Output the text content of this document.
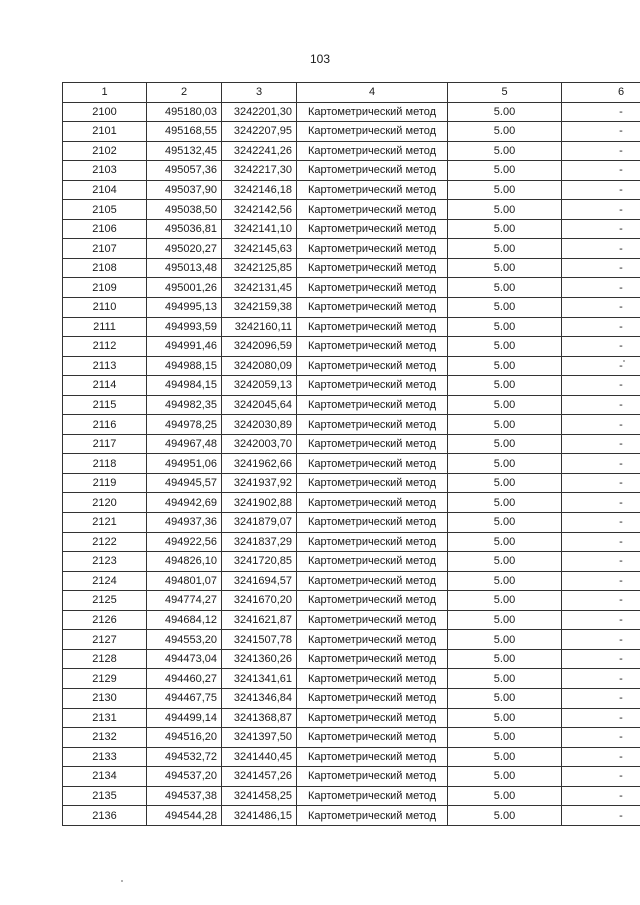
103
1	2	3	4	5	6
2100	495180,03	3242201,30	Картометрический метод	5.00	-
2101	495168,55	3242207,95	Картометрический метод	5.00	-
2102	495132,45	3242241,26	Картометрический метод	5.00	-
2103	495057,36	3242217,30	Картометрический метод	5.00	-
2104	495037,90	3242146,18	Картометрический метод	5.00	-
2105	495038,50	3242142,56	Картометрический метод	5.00	-
2106	495036,81	3242141,10	Картометрический метод	5.00	-
2107	495020,27	3242145,63	Картометрический метод	5.00	-
2108	495013,48	3242125,85	Картометрический метод	5.00	-
2109	495001,26	3242131,45	Картометрический метод	5.00	-
2110	494995,13	3242159,38	Картометрический метод	5.00	-
2111	494993,59	3242160,11	Картометрический метод	5.00	-
2112	494991,46	3242096,59	Картометрический метод	5.00	-
2113	494988,15	3242080,09	Картометрический метод	5.00	-
2114	494984,15	3242059,13	Картометрический метод	5.00	-
2115	494982,35	3242045,64	Картометрический метод	5.00	-
2116	494978,25	3242030,89	Картометрический метод	5.00	-
2117	494967,48	3242003,70	Картометрический метод	5.00	-
2118	494951,06	3241962,66	Картометрический метод	5.00	-
2119	494945,57	3241937,92	Картометрический метод	5.00	-
2120	494942,69	3241902,88	Картометрический метод	5.00	-
2121	494937,36	3241879,07	Картометрический метод	5.00	-
2122	494922,56	3241837,29	Картометрический метод	5.00	-
2123	494826,10	3241720,85	Картометрический метод	5.00	-
2124	494801,07	3241694,57	Картометрический метод	5.00	-
2125	494774,27	3241670,20	Картометрический метод	5.00	-
2126	494684,12	3241621,87	Картометрический метод	5.00	-
2127	494553,20	3241507,78	Картометрический метод	5.00	-
2128	494473,04	3241360,26	Картометрический метод	5.00	-
2129	494460,27	3241341,61	Картометрический метод	5.00	-
2130	494467,75	3241346,84	Картометрический метод	5.00	-
2131	494499,14	3241368,87	Картометрический метод	5.00	-
2132	494516,20	3241397,50	Картометрический метод	5.00	-
2133	494532,72	3241440,45	Картометрический метод	5.00	-
2134	494537,20	3241457,26	Картометрический метод	5.00	-
2135	494537,38	3241458,25	Картометрический метод	5.00	-
2136	494544,28	3241486,15	Картометрический метод	5.00	-
